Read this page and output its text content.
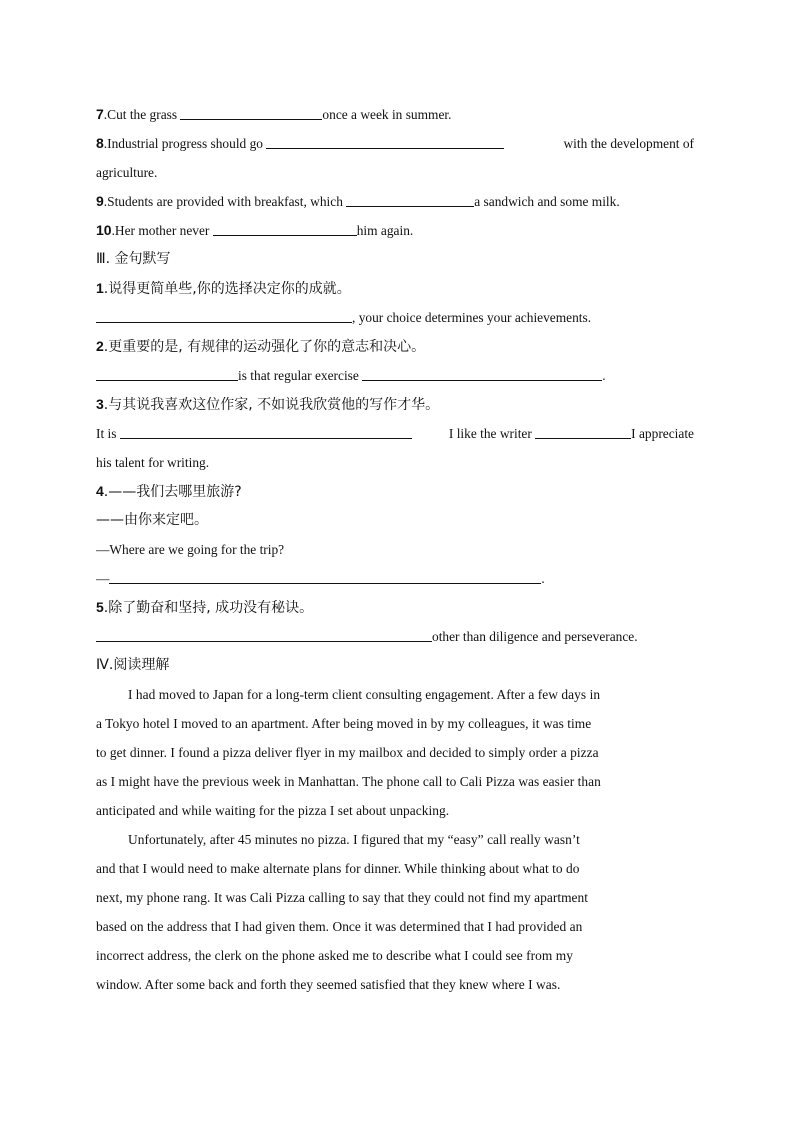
7.Cut the grass	once a week in summer.
8.Industrial progress should go	with the development of
agriculture.
9.Students are provided with breakfast, which	a sandwich and some milk.
10.Her mother never	him again.
Ⅲ. 金句默写
1.说得更简单些,你的选择决定你的成就。
, your choice determines your achievements.
2.更重要的是, 有规律的运动强化了你的意志和决心。
is that regular exercise	.
3.与其说我喜欢这位作家, 不如说我欣赏他的写作才华。
It is	I like the writer	I appreciate
his talent for writing.
4.——我们去哪里旅游?
——由你来定吧。
—Where are we going for the trip?
—	.
5.除了勤奋和坚持, 成功没有秘诀。
other than diligence and perseverance.
Ⅳ.阅读理解
I had moved to Japan for a long-term client consulting engagement. After a few days in
a Tokyo hotel I moved to an apartment. After being moved in by my colleagues, it was time
to get dinner. I found a pizza deliver flyer in my mailbox and decided to simply order a pizza
as I might have the previous week in Manhattan. The phone call to Cali Pizza was easier than
anticipated and while waiting for the pizza I set about unpacking.
Unfortunately, after 45 minutes no pizza. I figured that my “easy” call really wasn’t
and that I would need to make alternate plans for dinner. While thinking about what to do
next, my phone rang. It was Cali Pizza calling to say that they could not find my apartment
based on the address that I had given them. Once it was determined that I had provided an
incorrect address, the clerk on the phone asked me to describe what I could see from my
window. After some back and forth they seemed satisfied that they knew where I was.
